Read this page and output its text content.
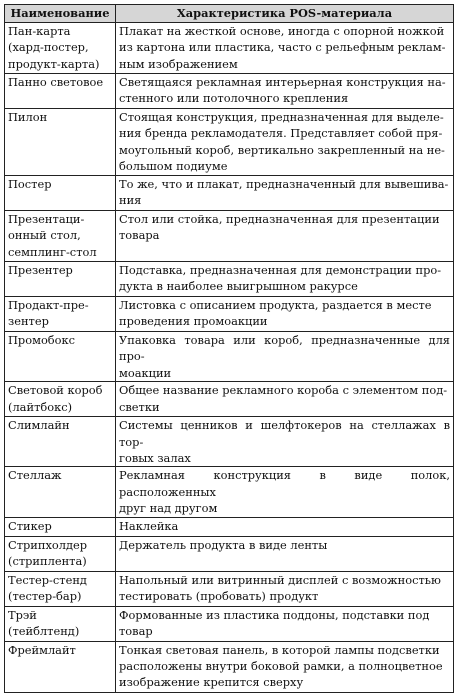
Наименование	Характеристика POS-материала
Пан-карта
(хард-постер,
продукт-карта)	Плакат на жесткой основе, иногда с опорной ножкой
из картона или пластика, часто с рельефным реклам-
ным изображением
Панно световое	Светящаяся рекламная интерьерная конструкция на-
стенного или потолочного крепления
Пилон	Стоящая конструкция, предназначенная для выделе-
ния бренда рекламодателя. Представляет собой пря-
моугольный короб, вертикально закрепленный на не-
большом подиуме
Постер	То же, что и плакат, предназначенный для вывешива-
ния
Презентаци-
онный стол,
семплинг-стол	Стол или стойка, предназначенная для презентации
товара
Презентер	Подставка, предназначенная для демонстрации про-
дукта в наиболее выигрышном ракурсе
Продакт-пре-
зентер	Листовка с описанием продукта, раздается в месте
проведения промоакции
Промобокс	Упаковка товара или короб, предназначенные для про-
моакции
Световой короб
(лайтбокс)	Общее название рекламного короба с элементом под-
светки
Слимлайн	Системы ценников и шелфтокеров на стеллажах в тор-
говых залах
Стеллаж	Рекламная конструкция в виде полок, расположенных
друг над другом
Стикер	Наклейка
Стрипхолдер
(стриплента)	Держатель продукта в виде ленты
Тестер-стенд
(тестер-бар)	Напольный или витринный дисплей с возможностью
тестировать (пробовать) продукт
Трэй
(тейблтенд)	Формованные из пластика поддоны, подставки под
товар
Фреймлайт	Тонкая световая панель, в которой лампы подсветки
расположены внутри боковой рамки, а полноцветное
изображение крепится сверху
